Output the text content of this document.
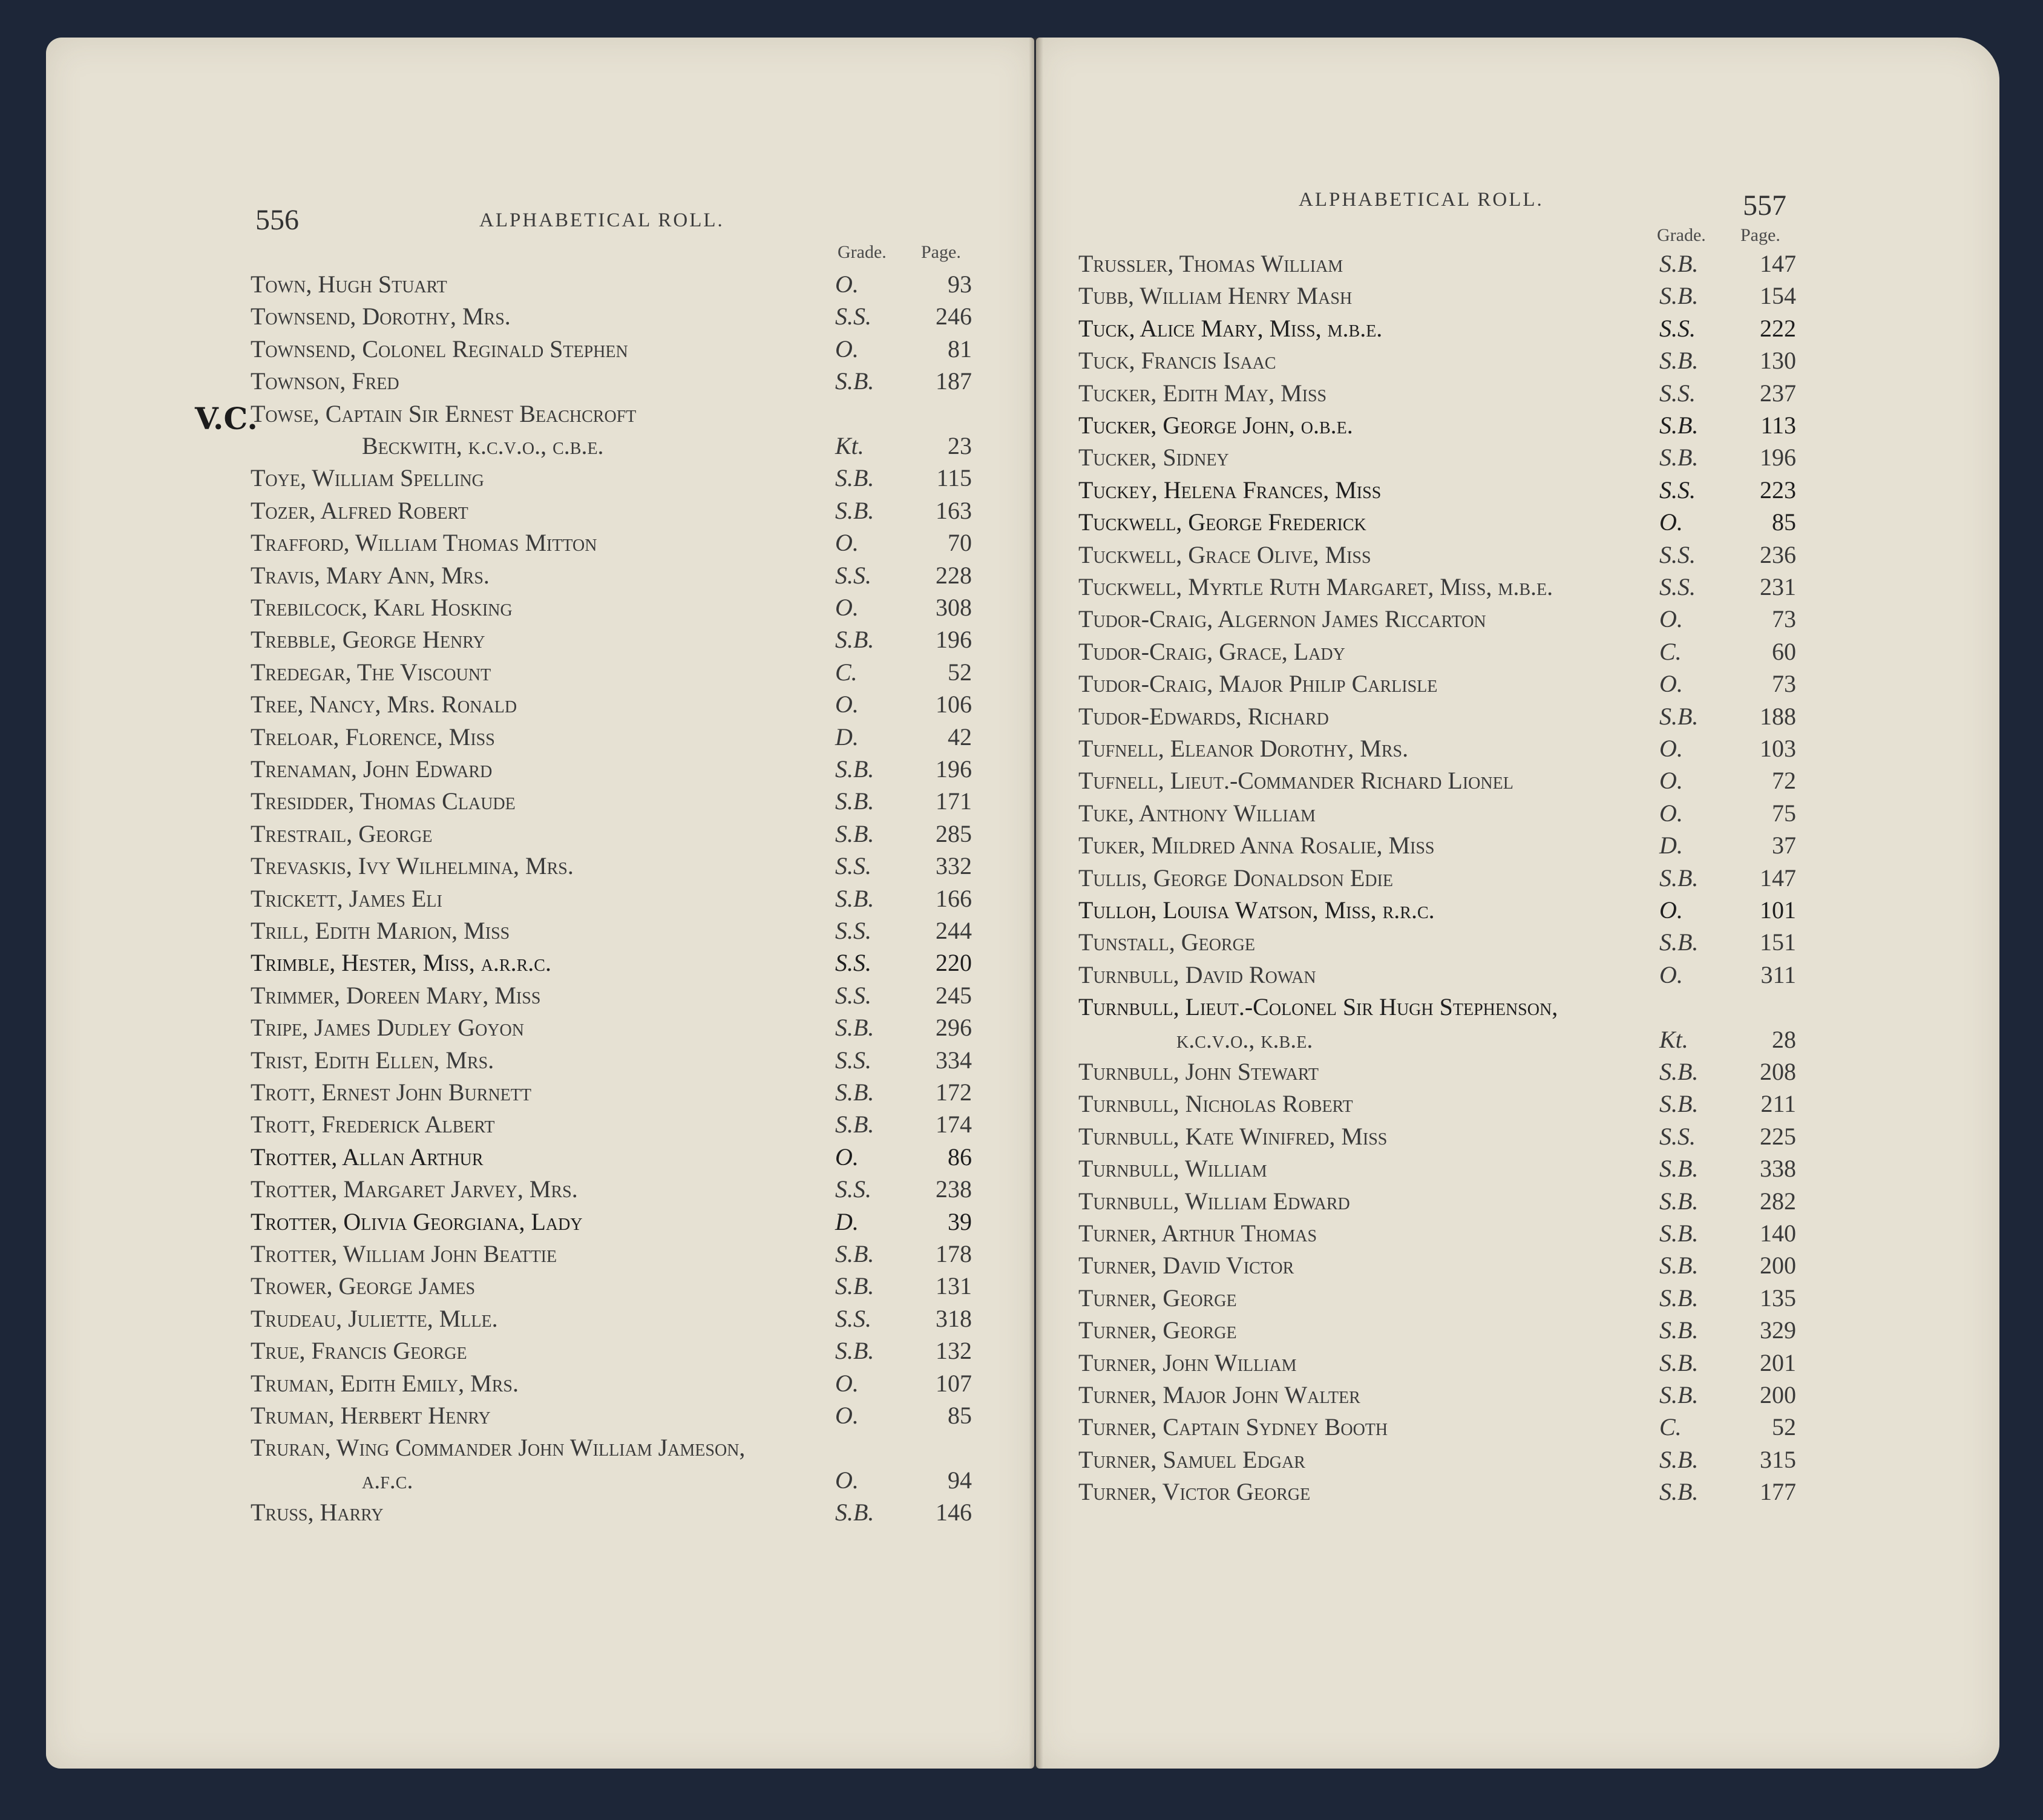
556	ALPHABETICAL ROLL.
Grade. Page.
V.C.
Town, Hugh Stuart	O.	93
Townsend, Dorothy, Mrs.	S.S.	246
Townsend, Colonel Reginald Stephen	O.	81
Townson, Fred	S.B.	187
Towse, Captain Sir Ernest Beachcroft
Beckwith, k.c.v.o., c.b.e.	Kt.	23
Toye, William Spelling	S.B.	115
Tozer, Alfred Robert	S.B.	163
Trafford, William Thomas Mitton	O.	70
Travis, Mary Ann, Mrs.	S.S.	228
Trebilcock, Karl Hosking	O.	308
Trebble, George Henry	S.B.	196
Tredegar, The Viscount	C.	52
Tree, Nancy, Mrs. Ronald	O.	106
Treloar, Florence, Miss	D.	42
Trenaman, John Edward	S.B.	196
Tresidder, Thomas Claude	S.B.	171
Trestrail, George	S.B.	285
Trevaskis, Ivy Wilhelmina, Mrs.	S.S.	332
Trickett, James Eli	S.B.	166
Trill, Edith Marion, Miss	S.S.	244
Trimble, Hester, Miss, a.r.r.c.	S.S.	220
Trimmer, Doreen Mary, Miss	S.S.	245
Tripe, James Dudley Goyon	S.B.	296
Trist, Edith Ellen, Mrs.	S.S.	334
Trott, Ernest John Burnett	S.B.	172
Trott, Frederick Albert	S.B.	174
Trotter, Allan Arthur	O.	86
Trotter, Margaret Jarvey, Mrs.	S.S.	238
Trotter, Olivia Georgiana, Lady	D.	39
Trotter, William John Beattie	S.B.	178
Trower, George James	S.B.	131
Trudeau, Juliette, Mlle.	S.S.	318
True, Francis George	S.B.	132
Truman, Edith Emily, Mrs.	O.	107
Truman, Herbert Henry	O.	85
Truran, Wing Commander John William Jameson,
a.f.c.	O.	94
Truss, Harry	S.B.	146
ALPHABETICAL ROLL.	557
Grade. Page.
Trussler, Thomas William	S.B.	147
Tubb, William Henry Mash	S.B.	154
Tuck, Alice Mary, Miss, m.b.e.	S.S.	222
Tuck, Francis Isaac	S.B.	130
Tucker, Edith May, Miss	S.S.	237
Tucker, George John, o.b.e.	S.B.	113
Tucker, Sidney	S.B.	196
Tuckey, Helena Frances, Miss	S.S.	223
Tuckwell, George Frederick	O.	85
Tuckwell, Grace Olive, Miss	S.S.	236
Tuckwell, Myrtle Ruth Margaret, Miss, m.b.e.	S.S.	231
Tudor-Craig, Algernon James Riccarton	O.	73
Tudor-Craig, Grace, Lady	C.	60
Tudor-Craig, Major Philip Carlisle	O.	73
Tudor-Edwards, Richard	S.B.	188
Tufnell, Eleanor Dorothy, Mrs.	O.	103
Tufnell, Lieut.-Commander Richard Lionel	O.	72
Tuke, Anthony William	O.	75
Tuker, Mildred Anna Rosalie, Miss	D.	37
Tullis, George Donaldson Edie	S.B.	147
Tulloh, Louisa Watson, Miss, r.r.c.	O.	101
Tunstall, George	S.B.	151
Turnbull, David Rowan	O.	311
Turnbull, Lieut.-Colonel Sir Hugh Stephenson,
k.c.v.o., k.b.e.	Kt.	28
Turnbull, John Stewart	S.B.	208
Turnbull, Nicholas Robert	S.B.	211
Turnbull, Kate Winifred, Miss	S.S.	225
Turnbull, William	S.B.	338
Turnbull, William Edward	S.B.	282
Turner, Arthur Thomas	S.B.	140
Turner, David Victor	S.B.	200
Turner, George	S.B.	135
Turner, George	S.B.	329
Turner, John William	S.B.	201
Turner, Major John Walter	S.B.	200
Turner, Captain Sydney Booth	C.	52
Turner, Samuel Edgar	S.B.	315
Turner, Victor George	S.B.	177
